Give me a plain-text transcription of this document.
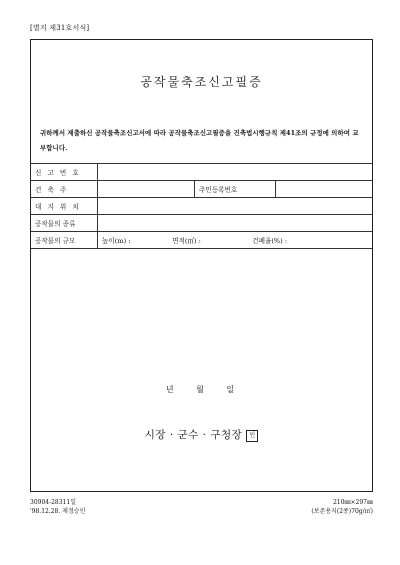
[별지 제31호서식]
공작물축조신고필증
귀하께서 제출하신 공작물축조신고서에 따라 공작물축조신고필증을 건축법시행규칙 제41조의 규정에 의하여 교부합니다.
신 고 번 호			
건 축 주		주민등록번호	
대 지 위 치			
공작물의 종류			
공작물의 규모	높이(m) : 면적(㎡) : 건폐율(%) :		
년 월 일
시장 · 군수 · 구청장 인
30904-28311일
'98.12.28. 제정승인
210㎜×297㎜
(보존용지(2종)70g/㎡)
